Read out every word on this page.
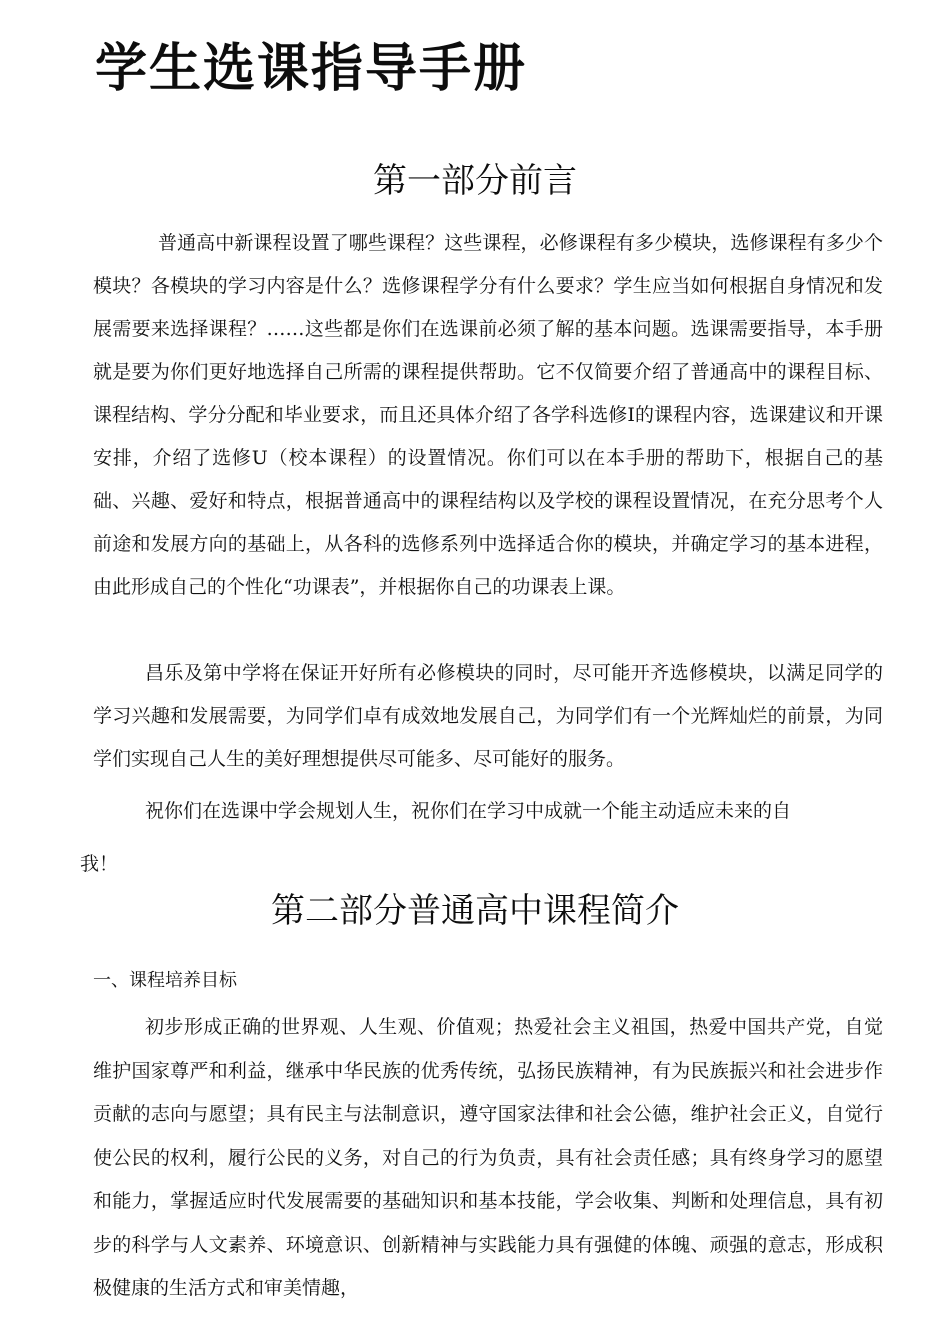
学生选课指导手册
第一部分前言

普通高中新课程设置了哪些课程？这些课程，必修课程有多少模块，选修课程有多少个模块？各模块的学习内容是什么？选修课程学分有什么要求？学生应当如何根据自身情况和发展需要来选择课程？……这些都是你们在选课前必须了解的基本问题。选课需要指导，本手册就是要为你们更好地选择自己所需的课程提供帮助。它不仅简要介绍了普通高中的课程目标、课程结构、学分分配和毕业要求，而且还具体介绍了各学科选修Ⅰ的课程内容，选课建议和开课安排，介绍了选修U（校本课程）的设置情况。你们可以在本手册的帮助下，根据自己的基础、兴趣、爱好和特点，根据普通高中的课程结构以及学校的课程设置情况，在充分思考个人前途和发展方向的基础上，从各科的选修系列中选择适合你的模块，并确定学习的基本进程，由此形成自己的个性化“功课表”，并根据你自己的功课表上课。

昌乐及第中学将在保证开好所有必修模块的同时，尽可能开齐选修模块，以满足同学的学习兴趣和发展需要，为同学们卓有成效地发展自己，为同学们有一个光辉灿烂的前景，为同学们实现自己人生的美好理想提供尽可能多、尽可能好的服务。

祝你们在选课中学会规划人生，祝你们在学习中成就一个能主动适应未来的自

我！

第二部分普通高中课程简介
一、课程培养目标

初步形成正确的世界观、人生观、价值观；热爱社会主义祖国，热爱中国共产党，自觉维护国家尊严和利益，继承中华民族的优秀传统，弘扬民族精神，有为民族振兴和社会进步作贡献的志向与愿望；具有民主与法制意识，遵守国家法律和社会公德，维护社会正义，自觉行使公民的权利，履行公民的义务，对自己的行为负责，具有社会责任感；具有终身学习的愿望和能力，掌握适应时代发展需要的基础知识和基本技能，学会收集、判断和处理信息，具有初步的科学与人文素养、环境意识、创新精神与实践能力具有强健的体魄、顽强的意志，形成积极健康的生活方式和审美情趣，
